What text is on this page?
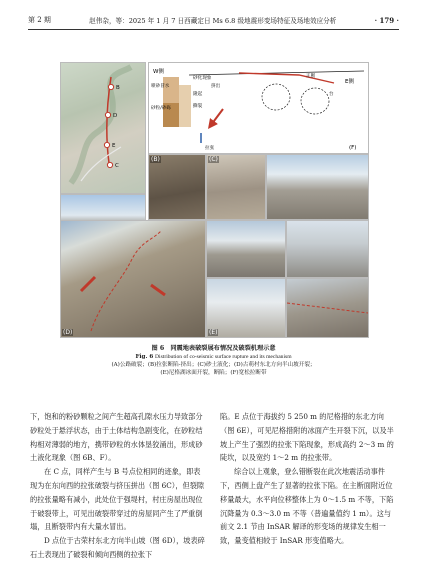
第 2 期	赵伟杂，等：2025 年 1 月 7 日西藏定日 Ms 6.8 级地震形变场特征及场地效应分析	· 179 ·
B
D
E
C
W侧
E侧
砂化现象
喷砂冒水	挤出
隆起
砂粒/砂砾	撕裂
台
正断
拉张	(F)
(B)	(C)
(D)	(E)
图 6　同震地表破裂展布情况及破裂机理示意
Fig. 6 Distribution of co-seismic surface rupture and its mechanism
(A)公路破裂；(B)拉张断陷-挤出；(C)砂土液化；(D)古萌村东北方向半山坡开裂；
(E)尼格湖冰面开裂，断陷；(F)宽松拉断带

下，饱和的粉砂颗粒之间产生超高孔隙水压力导致部分砂粒处于悬浮状态，由于土体结构急剧变化，在砂粒结构相对薄弱的地方，携带砂粒的水体垦狡涌出，形成砂土液化现象（图 6B、F）。

在 C 点，同样产生与 B 号点位相同的迹象，即表现为在东向西的拉张破裂与挤压拼出（图 6C），但裂隙的拉张量略有减小，此处位于强堤村，村庄房屋出现位于破裂带上，可见出破裂带穿过的房屋同产生了严重倒塌，且断裂带内有大量水冒出。

D 点位于古荣村东北方向半山坡（图 6D），坡表碎石土表现出了破裂和倾向西侧的拉张下

陷。E 点位于海拔约 5 250 m 的尼格措的东北方向（图 6E），可见尼格措附的冰面产生开裂下沉，以及半坡上产生了强烈的拉张下陷现象，形成高约 2～3 m 的陡坎，以及宽约 1～2 m 的拉张带。

综合以上观象，登么错断裂在此次地震活动事件下，西侧上盘产生了显著的拉张下陷。在主断面附近位移量最大，水平向位移整体上为 0～1.5 m 不等，下陷沉降量为 0.3～3.0 m 不等（普遍量值约 1 m）。这与前文 2.1 节由 InSAR 解译的形变场的规律发生相一致，量变值相较于 InSAR 形变值略大。
